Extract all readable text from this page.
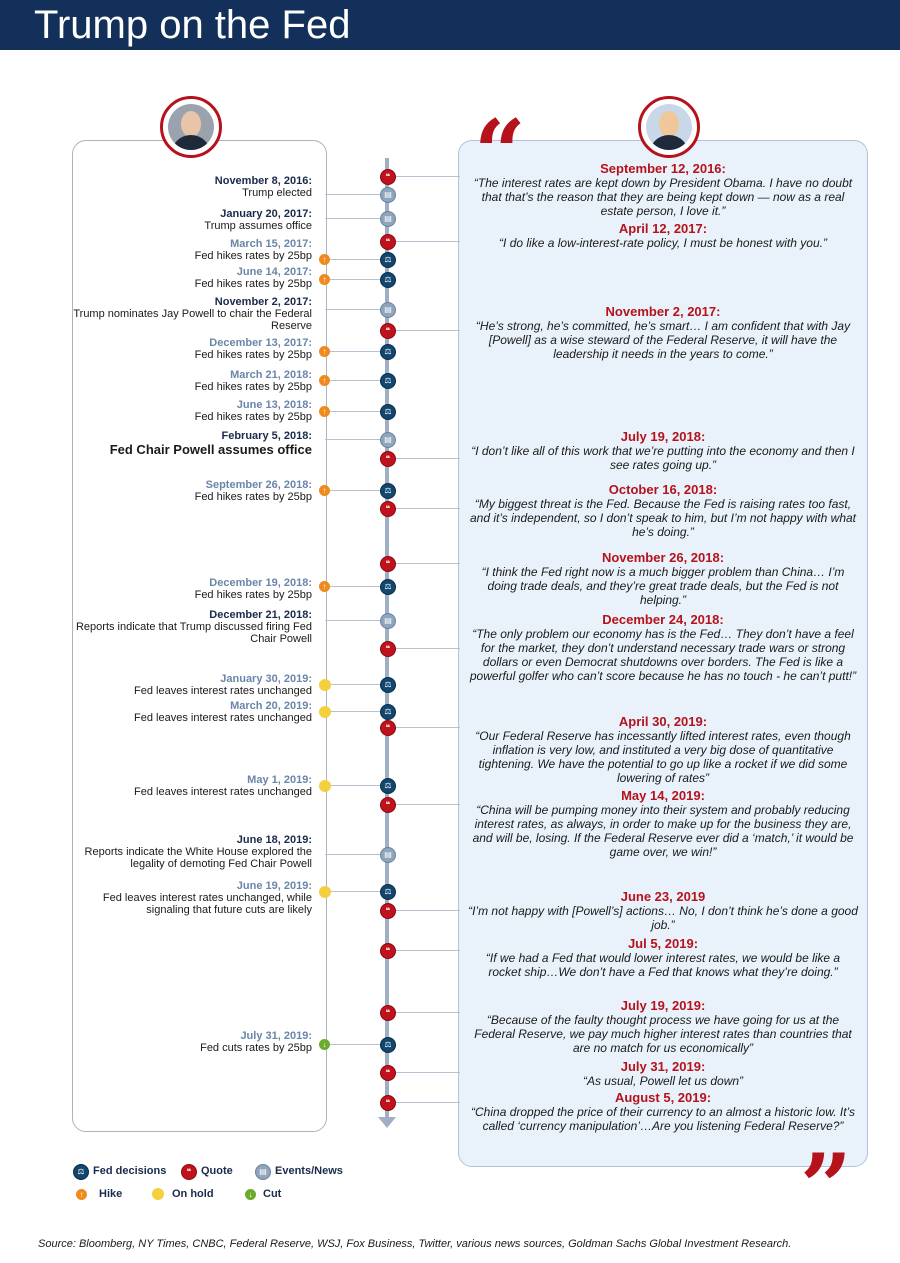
Trump on the Fed
“
”
November 8, 2016:
Trump elected	▤
January 20, 2017:
Trump assumes office
▤
March 15, 2017:
Fed hikes rates by 25bp	⚖
↑
June 14, 2017:
Fed hikes rates by 25bp	⚖
↑
November 2, 2017:
Trump nominates Jay Powell to chair the Federal Reserve
▤
December 13, 2017:
Fed hikes rates by 25bp	⚖
↑
March 21, 2018:
Fed hikes rates by 25bp
⚖
↑
June 13, 2018:
Fed hikes rates by 25bp	⚖
↑
February 5, 2018:
Fed Chair Powell assumes office
▤
September 26, 2018:
Fed hikes rates by 25bp
⚖
↑
December 19, 2018:
Fed hikes rates by 25bp
⚖
↑
December 21, 2018:
Reports indicate that Trump discussed firing Fed Chair Powell
▤
January 30, 2019:
Fed leaves interest rates unchanged
⚖
March 20, 2019:
Fed leaves interest rates unchanged
⚖
May 1, 2019:
Fed leaves interest rates unchanged
⚖
June 18, 2019:
Reports indicate the White House explored the legality of demoting Fed Chair Powell
▤
June 19, 2019:
Fed leaves interest rates unchanged, while signaling that future cuts are likely
⚖
July 31, 2019:
Fed cuts rates by 25bp	⚖
↓
September 12, 2016:
“The interest rates are kept down by President Obama. I have no doubt that that’s the reason that they are being kept down — now as a real estate person, I love it.”
❝
April 12, 2017:
“I do like a low-interest-rate policy, I must be honest with you.”
❝
November 2, 2017:
“He’s strong, he’s committed, he’s smart… I am confident that with Jay [Powell] as a wise steward of the Federal Reserve, it will have the leadership it needs in the years to come.”
❝
July 19, 2018:
“I don’t like all of this work that we’re putting into the economy and then I see rates going up.”
❝
October 16, 2018:
“My biggest threat is the Fed. Because the Fed is raising rates too fast, and it’s independent, so I don’t speak to him, but I’m not happy with what he’s doing.”
❝
November 26, 2018:
“I think the Fed right now is a much bigger problem than China… I’m doing trade deals, and they’re great trade deals, but the Fed is not helping.”
❝
December 24, 2018:
“The only problem our economy has is the Fed… They don’t have a feel for the market, they don’t understand necessary trade wars or strong dollars or even Democrat shutdowns over borders. The Fed is like a powerful golfer who can’t score because he has no touch - he can’t putt!”
❝
April 30, 2019:
“Our Federal Reserve has incessantly lifted interest rates, even though inflation is very low, and instituted a very big dose of quantitative tightening. We have the potential to go up like a rocket if we did some lowering of rates”
❝
May 14, 2019:
“China will be pumping money into their system and probably reducing interest rates, as always, in order to make up for the business they are, and will be, losing. If the Federal Reserve ever did a ‘match,’ it would be game over, we win!”
❝
June 23, 2019
“I’m not happy with [Powell’s] actions… No, I don’t think he’s done a good job.”
❝
Jul 5, 2019:
“If we had a Fed that would lower interest rates, we would be like a rocket ship…We don’t have a Fed that knows what they’re doing.”
❝
July 19, 2019:
“Because of the faulty thought process we have going for us at the Federal Reserve, we pay much higher interest rates than countries that are no match for us economically”
❝
July 31, 2019:
“As usual, Powell let us down”
❝
August 5, 2019:
“China dropped the price of their currency to an almost a historic low. It’s called ‘currency manipulation’…Are you listening Federal Reserve?”
❝
⚖ Fed decisions	❝ Quote	▤ Events/News
↑	Hike	On hold	↓ Cut
Source: Bloomberg, NY Times, CNBC, Federal Reserve, WSJ, Fox Business, Twitter, various news sources, Goldman Sachs Global Investment Research.
